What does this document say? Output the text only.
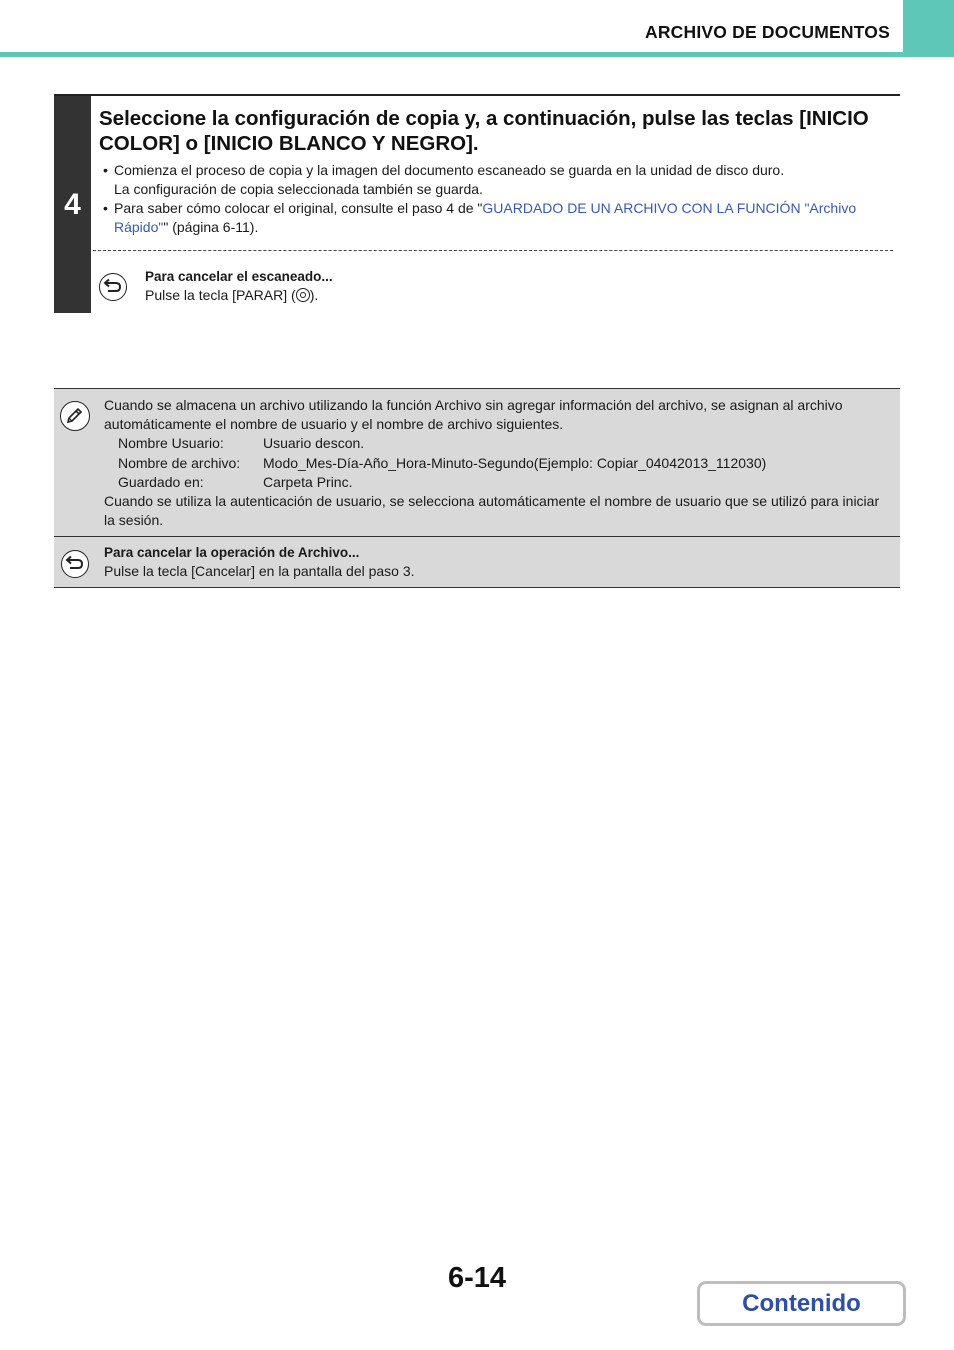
ARCHIVO DE DOCUMENTOS
4
Seleccione la configuración de copia y, a continuación, pulse las teclas [INICIO COLOR] o [INICIO BLANCO Y NEGRO].

• Comienza el proceso de copia y la imagen del documento escaneado se guarda en la unidad de disco duro.
La configuración de copia seleccionada también se guarda.

• Para saber cómo colocar el original, consulte el paso 4 de "GUARDADO DE UN ARCHIVO CON LA FUNCIÓN "Archivo Rápido"" (página 6-11).

Para cancelar el escaneado...
Pulse la tecla [PARAR] ( ).

Cuando se almacena un archivo utilizando la función Archivo sin agregar información del archivo, se asignan al archivo automáticamente el nombre de usuario y el nombre de archivo siguientes.

Nombre Usuario:	Usuario descon.
Nombre de archivo:	Modo_Mes-Día-Año_Hora-Minuto-Segundo(Ejemplo: Copiar_04042013_112030)
Guardado en:	Carpeta Princ.

Cuando se utiliza la autenticación de usuario, se selecciona automáticamente el nombre de usuario que se utilizó para iniciar la sesión.

Para cancelar la operación de Archivo...
Pulse la tecla [Cancelar] en la pantalla del paso 3.
6-14
Contenido
